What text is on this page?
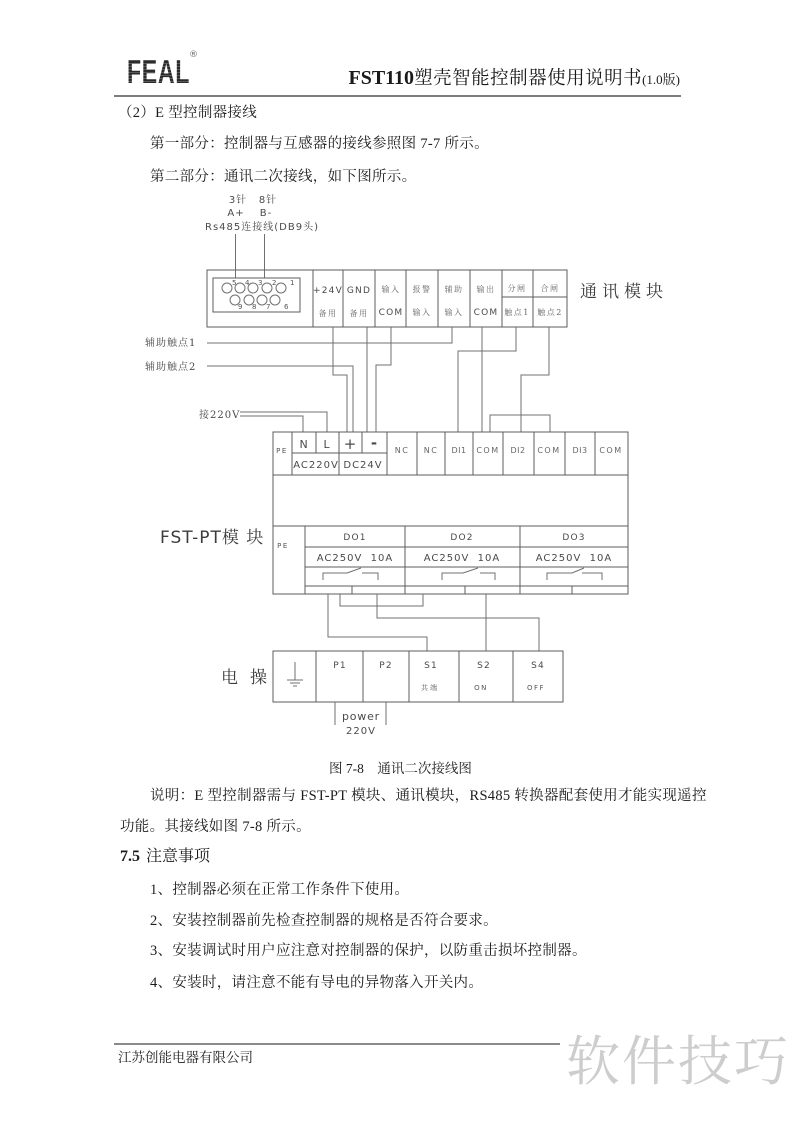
FEAL
®
FST110塑壳智能控制器使用说明书(1.0版)
（2）E 型控制器接线
第一部分：控制器与互感器的接线参照图 7-7 所示。
第二部分：通讯二次接线，如下图所示。
3针 8针
A+ B-
Rs485连接线(DB9头)
5 4 3 2 1
9 8 7 6
+24V
备用
GND
备用
输入
COM
报警
输入
辅助
输入
输出
COM
分闸
触点1
合闸
触点2
通讯模块
辅助触点1
辅助触点2
接220V
PE N L + - NC NC DI1 COM DI2 COM DI3 COM
AC220V DC24V
PE
DO1	DO2	DO3
AC250V  10A	AC250V  10A	AC250V  10A
FST-PT模 块
P1	P2	S1
共端
S2
ON
S4
OFF
power
220V
电操
图 7-8　通讯二次接线图
说明：E 型控制器需与 FST-PT 模块、通讯模块，RS485 转换器配套使用才能实现遥控
功能。其接线如图 7-8 所示。
7.5 注意事项
1、控制器必须在正常工作条件下使用。
2、安装控制器前先检查控制器的规格是否符合要求。
3、安装调试时用户应注意对控制器的保护，以防重击损坏控制器。
4、安装时，请注意不能有导电的异物落入开关内。
江苏创能电器有限公司	软件技巧
